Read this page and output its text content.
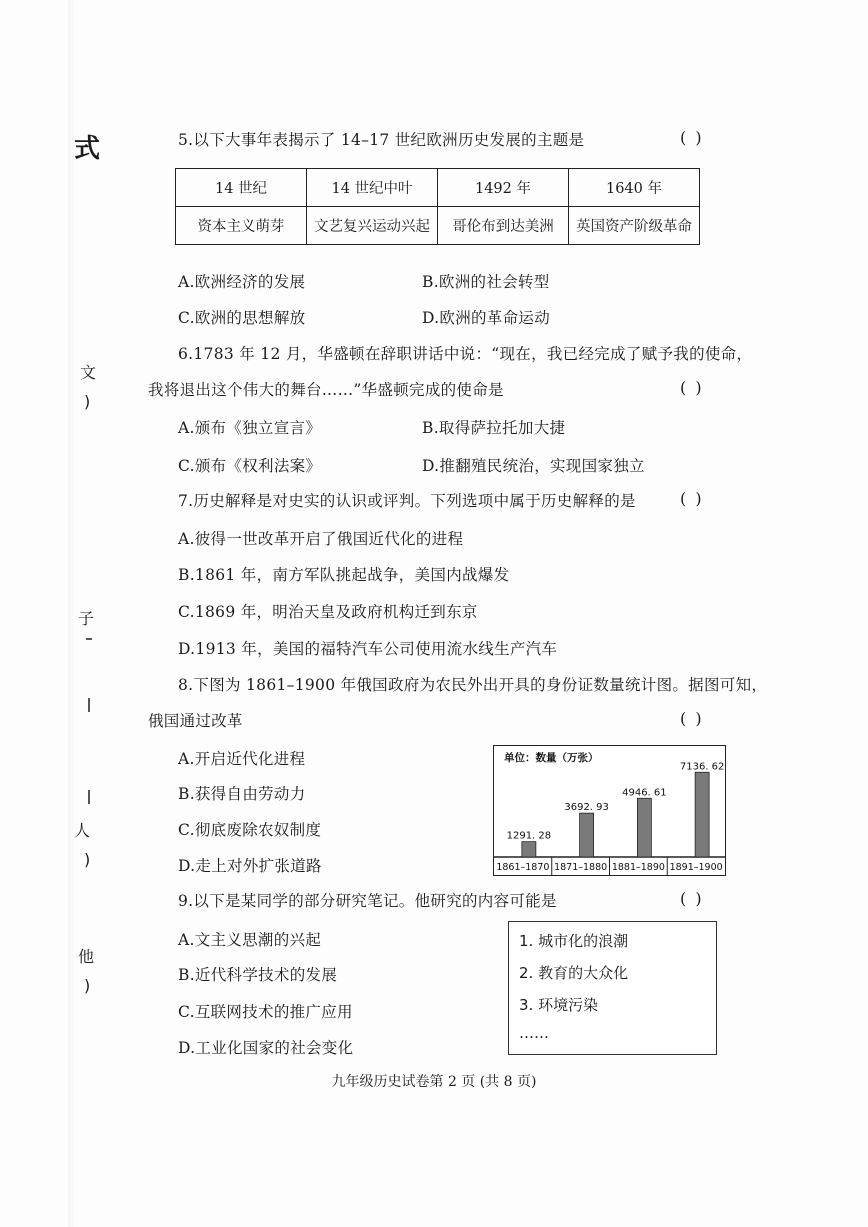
式
文
)
子
人
)
他
)
5.以下大事年表揭示了 14–17 世纪欧洲历史发展的主题是	( )
14 世纪	14 世纪中叶	1492 年	1640 年
资本主义萌芽	文艺复兴运动兴起	哥伦布到达美洲	英国资产阶级革命
A.欧洲经济的发展	B.欧洲的社会转型
C.欧洲的思想解放	D.欧洲的革命运动
6.1783 年 12 月，华盛顿在辞职讲话中说：“现在，我已经完成了赋予我的使命，
我将退出这个伟大的舞台……”华盛顿完成的使命是	( )
A.颁布《独立宣言》	B.取得萨拉托加大捷
C.颁布《权利法案》	D.推翻殖民统治，实现国家独立
7.历史解释是对史实的认识或评判。下列选项中属于历史解释的是	( )
A.彼得一世改革开启了俄国近代化的进程
B.1861 年，南方军队挑起战争，美国内战爆发
C.1869 年，明治天皇及政府机构迁到东京
D.1913 年，美国的福特汽车公司使用流水线生产汽车
8.下图为 1861–1900 年俄国政府为农民外出开具的身份证数量统计图。据图可知，
俄国通过改革	( )
A.开启近代化进程
B.获得自由劳动力
C.彻底废除农奴制度
D.走上对外扩张道路
单位：数量（万张）
1291. 28
1861–1870
3692. 93
1871–1880
4946. 61
1881–1890
7136. 62
1891–1900
9.以下是某同学的部分研究笔记。他研究的内容可能是	( )
A.文主义思潮的兴起
B.近代科学技术的发展
C.互联网技术的推广应用
D.工业化国家的社会变化
1. 城市化的浪潮
2. 教育的大众化
3. 环境污染
……
九年级历史试卷第 2 页 (共 8 页)
